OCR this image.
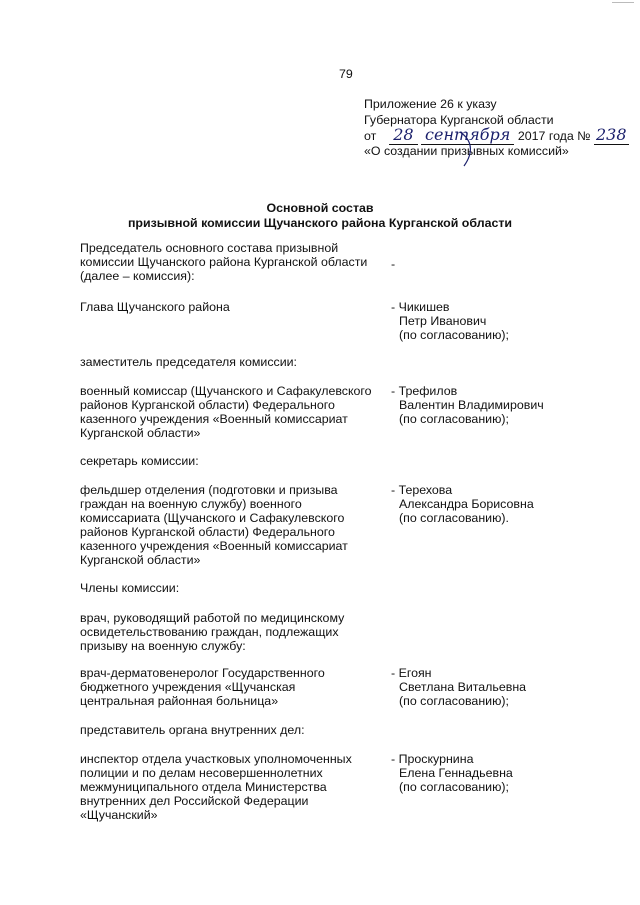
79
Приложение 26 к указу
Губернатора Курганской области
от 28 сентября 2017 года № 238
«О создании призывных комиссий»
Основной состав
призывной комиссии Щучанского района Курганской области
Председатель основного состава призывной
комиссии Щучанского района Курганской области
(далее – комиссия):
-
Глава Щучанского района	- Чикишев
Петр Иванович
(по согласованию);
заместитель председателя комиссии:
военный комиссар (Щучанского и Сафакулевского
районов Курганской области) Федерального
казенного учреждения «Военный комиссариат
Курганской области»
- Трефилов
Валентин Владимирович
(по согласованию);
секретарь комиссии:
фельдшер отделения (подготовки и призыва
граждан на военную службу) военного
комиссариата (Щучанского и Сафакулевского
районов Курганской области) Федерального
казенного учреждения «Военный комиссариат
Курганской области»
- Терехова
Александра Борисовна
(по согласованию).
Члены комиссии:
врач, руководящий работой по медицинскому
освидетельствованию граждан, подлежащих
призыву на военную службу:
врач-дерматовенеролог Государственного
бюджетного учреждения «Щучанская
центральная районная больница»
- Егоян
Светлана Витальевна
(по согласованию);
представитель органа внутренних дел:
инспектор отдела участковых уполномоченных
полиции и по делам несовершеннолетних
межмуниципального отдела Министерства
внутренних дел Российской Федерации
«Щучанский»
- Проскурнина
Елена Геннадьевна
(по согласованию);
